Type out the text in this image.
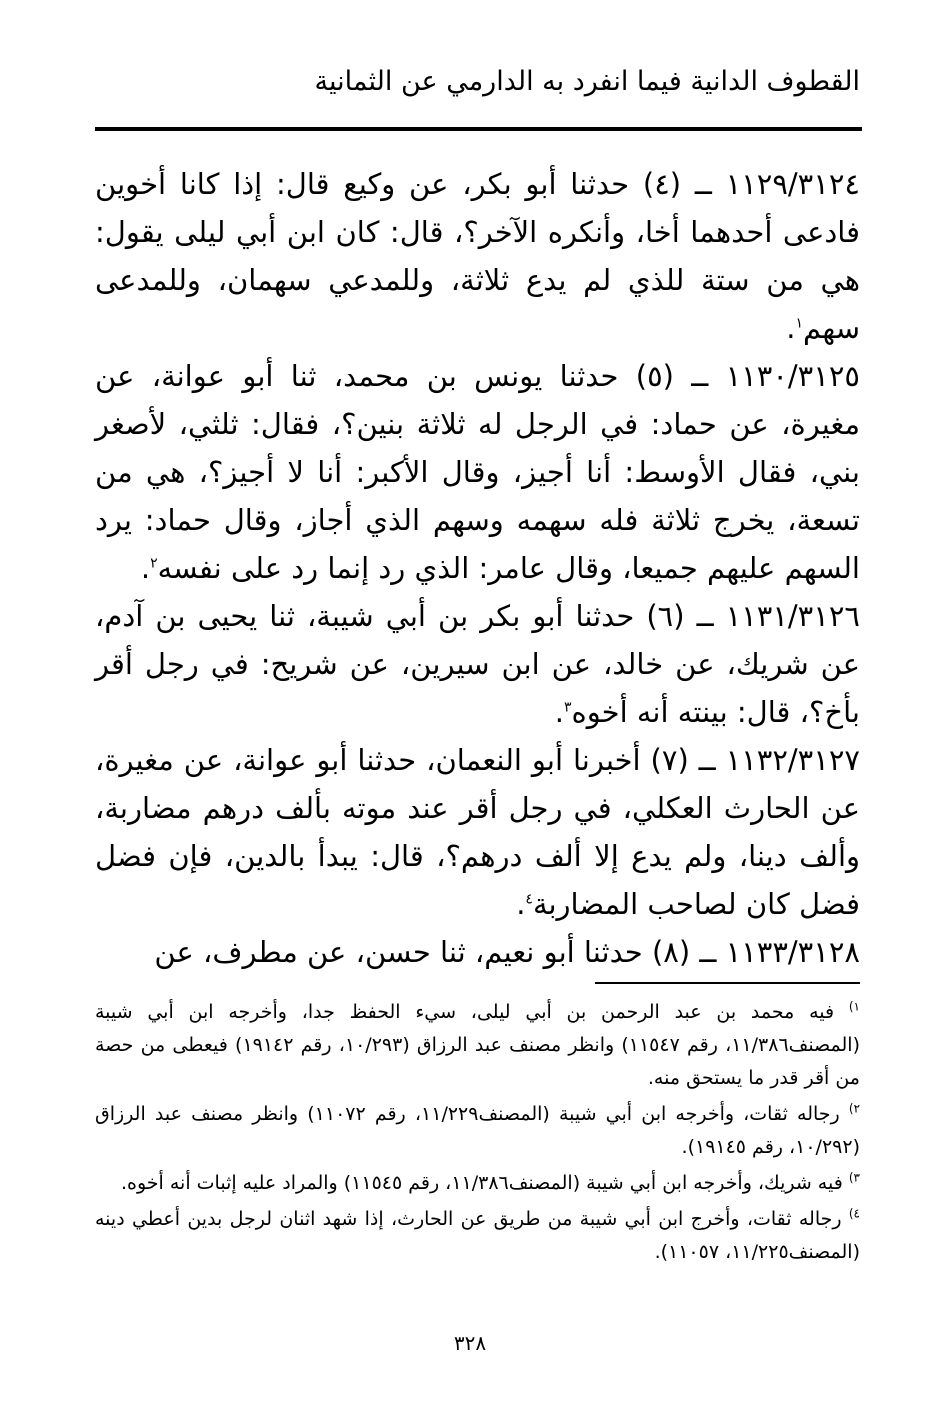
القطوف الدانية فيما انفرد به الدارمي عن الثمانية

١١٢٩/٣١٢٤ ــ (٤) حدثنا أبو بكر، عن وكيع قال: إذا كانا أخوين فادعى أحدهما أخا، وأنكره الآخر؟، قال: كان ابن أبي ليلى يقول: هي من ستة للذي لم يدع ثلاثة، وللمدعي سهمان، وللمدعى سهم$^١$.

١١٣٠/٣١٢٥ ــ (٥) حدثنا يونس بن محمد، ثنا أبو عوانة، عن مغيرة، عن حماد: في الرجل له ثلاثة بنين؟، فقال: ثلثي، لأصغر بني، فقال الأوسط: أنا أجيز، وقال الأكبر: أنا لا أجيز؟، هي من تسعة، يخرج ثلاثة فله سهمه وسهم الذي أجاز، وقال حماد: يرد السهم عليهم جميعا، وقال عامر: الذي رد إنما رد على نفسه$^٢$.

١١٣١/٣١٢٦ ــ (٦) حدثنا أبو بكر بن أبي شيبة، ثنا يحيى بن آدم، عن شريك، عن خالد، عن ابن سيرين، عن شريح: في رجل أقر بأخ؟، قال: بينته أنه أخوه$^٣$.

١١٣٢/٣١٢٧ ــ (٧) أخبرنا أبو النعمان، حدثنا أبو عوانة، عن مغيرة، عن الحارث العكلي، في رجل أقر عند موته بألف درهم مضاربة، وألف دينا، ولم يدع إلا ألف درهم؟، قال: يبدأ بالدين، فإن فضل فضل كان لصاحب المضاربة$^٤$.

١١٣٣/٣١٢٨ ــ (٨) حدثنا أبو نعيم، ثنا حسن، عن مطرف، عن

$^{١)}$ فيه محمد بن عبد الرحمن بن أبي ليلى، سيء الحفظ جدا، وأخرجه ابن أبي شيبة (المصنف١١/٣٨٦، رقم ١١٥٤٧) وانظر مصنف عبد الرزاق (١٠/٢٩٣، رقم ١٩١٤٢) فيعطى من حصة من أقر قدر ما يستحق منه.

$^{٢)}$ رجاله ثقات، وأخرجه ابن أبي شيبة (المصنف١١/٢٢٩، رقم ١١٠٧٢) وانظر مصنف عبد الرزاق (١٠/٢٩٢، رقم ١٩١٤٥).

$^{٣)}$ فيه شريك، وأخرجه ابن أبي شيبة (المصنف١١/٣٨٦، رقم ١١٥٤٥) والمراد عليه إثبات أنه أخوه.

$^{٤)}$ رجاله ثقات، وأخرج ابن أبي شيبة من طريق عن الحارث، إذا شهد اثنان لرجل بدين أعطي دينه (المصنف١١/٢٢٥، ١١٠٥٧).

٣٢٨
